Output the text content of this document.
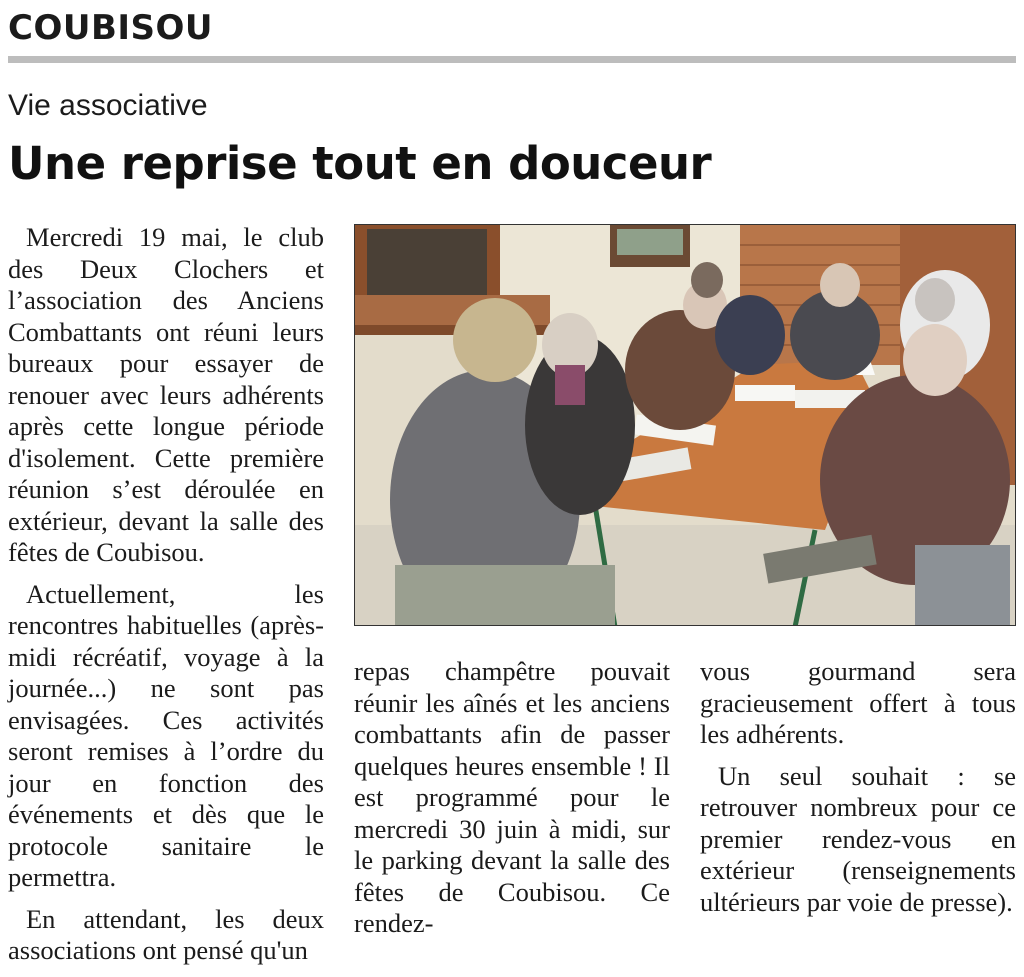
COUBISOU
Vie associative
Une reprise tout en douceur

Mercredi 19 mai, le club des Deux Clochers et l’association des Anciens Combattants ont réuni leurs bureaux pour essayer de renouer avec leurs adhérents après cette longue période d'isolement. Cette première réunion s’est déroulée en extérieur, devant la salle des fêtes de Coubisou.

Actuellement, les rencontres habituelles (après-midi récréatif, voyage à la journée...) ne sont pas envisagées. Ces activités seront remises à l’ordre du jour en fonction des événements et dès que le protocole sanitaire le permettra.

En attendant, les deux associations ont pensé qu'un

repas champêtre pouvait réunir les aînés et les anciens combattants afin de passer quelques heures ensemble ! Il est programmé pour le mercredi 30 juin à midi, sur le parking devant la salle des fêtes de Coubisou. Ce rendez-

vous gourmand sera gracieusement offert à tous les adhérents.

Un seul souhait : se retrouver nombreux pour ce premier rendez-vous en extérieur (renseignements ultérieurs par voie de presse).
